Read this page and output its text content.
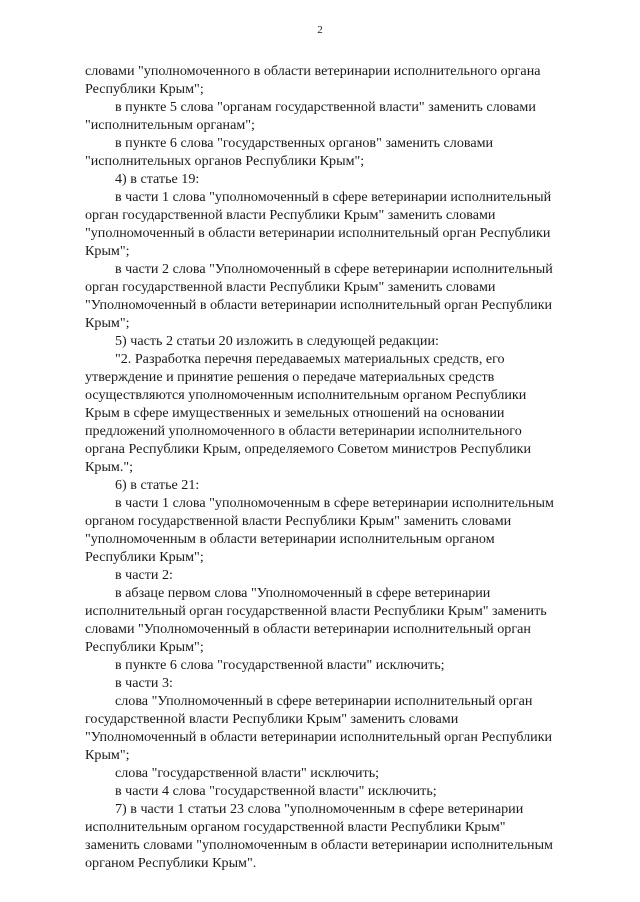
2

словами "уполномоченного в области ветеринарии исполнительного органа
Республики Крым";

в пункте 5 слова "органам государственной власти" заменить словами
"исполнительным органам";

в пункте 6 слова "государственных органов" заменить словами
"исполнительных органов Республики Крым";

4) в статье 19:

в части 1 слова "уполномоченный в сфере ветеринарии исполнительный
орган государственной власти Республики Крым" заменить словами
"уполномоченный в области ветеринарии исполнительный орган Республики
Крым";

в части 2 слова "Уполномоченный в сфере ветеринарии исполнительный
орган государственной власти Республики Крым" заменить словами
"Уполномоченный в области ветеринарии исполнительный орган Республики
Крым";

5) часть 2 статьи 20 изложить в следующей редакции:

"2. Разработка перечня передаваемых материальных средств, его
утверждение и принятие решения о передаче материальных средств
осуществляются уполномоченным исполнительным органом Республики
Крым в сфере имущественных и земельных отношений на основании
предложений уполномоченного в области ветеринарии исполнительного
органа Республики Крым, определяемого Советом министров Республики
Крым.";

6) в статье 21:

в части 1 слова "уполномоченным в сфере ветеринарии исполнительным
органом государственной власти Республики Крым" заменить словами
"уполномоченным в области ветеринарии исполнительным органом
Республики Крым";

в части 2:

в абзаце первом слова "Уполномоченный в сфере ветеринарии
исполнительный орган государственной власти Республики Крым" заменить
словами "Уполномоченный в области ветеринарии исполнительный орган
Республики Крым";

в пункте 6 слова "государственной власти" исключить;

в части 3:

слова "Уполномоченный в сфере ветеринарии исполнительный орган
государственной власти Республики Крым" заменить словами
"Уполномоченный в области ветеринарии исполнительный орган Республики
Крым";

слова "государственной власти" исключить;

в части 4 слова "государственной власти" исключить;

7) в части 1 статьи 23 слова "уполномоченным в сфере ветеринарии
исполнительным органом государственной власти Республики Крым"
заменить словами "уполномоченным в области ветеринарии исполнительным
органом Республики Крым".
